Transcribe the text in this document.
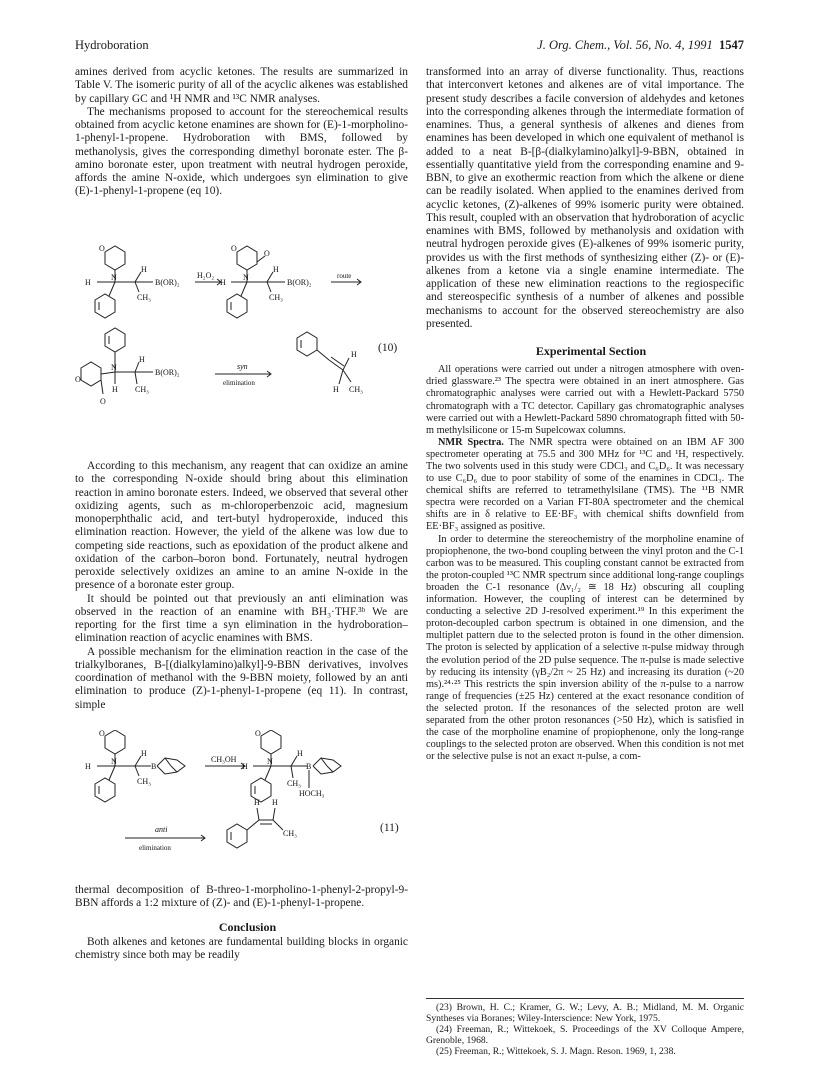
Hydroboration	J. Org. Chem., Vol. 56, No. 4, 1991 1547

amines derived from acyclic ketones. The results are summarized in Table V. The isomeric purity of all of the acyclic alkenes was established by capillary GC and ¹H NMR and ¹³C NMR analyses.

The mechanisms proposed to account for the stereochemical results obtained from acyclic ketone enamines are shown for (E)-1-morpholino-1-phenyl-1-propene. Hydroboration with BMS, followed by methanolysis, gives the corresponding dimethyl boronate ester. The β-amino boronate ester, upon treatment with neutral hydrogen peroxide, affords the amine N-oxide, which undergoes syn elimination to give (E)-1-phenyl-1-propene (eq 10).

O
N
H
H
B(OR)₂
CH₃
H₂O₂
O
O
N
H
H
B(OR)₂
CH₃
route
O
N
O
H
B(OR)₂
H CH₃
syn
elimination
H
H CH₃
(10)

According to this mechanism, any reagent that can oxidize an amine to the corresponding N-oxide should bring about this elimination reaction in amino boronate esters. Indeed, we observed that several other oxidizing agents, such as m-chloroperbenzoic acid, magnesium monoperphthalic acid, and tert-butyl hydroperoxide, induced this elimination reaction. However, the yield of the alkene was low due to competing side reactions, such as epoxidation of the product alkene and oxidation of the carbon–boron bond. Fortunately, neutral hydrogen peroxide selectively oxidizes an amine to an amine N-oxide in the presence of a boronate ester group.

It should be pointed out that previously an anti elimination was observed in the reaction of an enamine with BH₃·THF.³ᵇ We are reporting for the first time a syn elimination in the hydroboration–elimination reaction of acyclic enamines with BMS.

A possible mechanism for the elimination reaction in the case of the trialkylboranes, B-[(dialkylamino)alkyl]-9-BBN derivatives, involves coordination of methanol with the 9-BBN moiety, followed by an anti elimination to produce (Z)-1-phenyl-1-propene (eq 11). In contrast, simple

O
N
H
H
B
CH₃
CH₃OH
O
N
H
H
B
CH₃
HOCH₃
anti
elimination
H H
CH₃	(11)

thermal decomposition of B-threo-1-morpholino-1-phenyl-2-propyl-9-BBN affords a 1:2 mixture of (Z)- and (E)-1-phenyl-1-propene.

Conclusion

Both alkenes and ketones are fundamental building blocks in organic chemistry since both may be readily

transformed into an array of diverse functionality. Thus, reactions that interconvert ketones and alkenes are of vital importance. The present study describes a facile conversion of aldehydes and ketones into the corresponding alkenes through the intermediate formation of enamines. Thus, a general synthesis of alkenes and dienes from enamines has been developed in which one equivalent of methanol is added to a neat B-[β-(dialkylamino)alkyl]-9-BBN, obtained in essentially quantitative yield from the corresponding enamine and 9-BBN, to give an exothermic reaction from which the alkene or diene can be readily isolated. When applied to the enamines derived from acyclic ketones, (Z)-alkenes of 99% isomeric purity were obtained. This result, coupled with an observation that hydroboration of acyclic enamines with BMS, followed by methanolysis and oxidation with neutral hydrogen peroxide gives (E)-alkenes of 99% isomeric purity, provides us with the first methods of synthesizing either (Z)- or (E)-alkenes from a ketone via a single enamine intermediate. The application of these new elimination reactions to the regiospecific and stereospecific synthesis of a number of alkenes and possible mechanisms to account for the observed stereochemistry are also presented.

Experimental Section

All operations were carried out under a nitrogen atmosphere with oven-dried glassware.²³ The spectra were obtained in an inert atmosphere. Gas chromatographic analyses were carried out with a Hewlett-Packard 5750 chromatograph with a TC detector. Capillary gas chromatographic analyses were carried out with a Hewlett-Packard 5890 chromatograph fitted with 50-m methylsilicone or 15-m Supelcowax columns.

NMR Spectra. The NMR spectra were obtained on an IBM AF 300 spectrometer operating at 75.5 and 300 MHz for ¹³C and ¹H, respectively. The two solvents used in this study were CDCl₃ and C₆D₆. It was necessary to use C₆D₆ due to poor stability of some of the enamines in CDCl₃. The chemical shifts are referred to tetramethylsilane (TMS). The ¹¹B NMR spectra were recorded on a Varian FT-80A spectrometer and the chemical shifts are in δ relative to EE·BF₃ with chemical shifts downfield from EE·BF₃ assigned as positive.

In order to determine the stereochemistry of the morpholine enamine of propiophenone, the two-bond coupling between the vinyl proton and the C-1 carbon was to be measured. This coupling constant cannot be extracted from the proton-coupled ¹³C NMR spectrum since additional long-range couplings broaden the C-1 resonance (Δν₁/₂ ≅ 18 Hz) obscuring all coupling information. However, the coupling of interest can be determined by conducting a selective 2D J-resolved experiment.¹⁹ In this experiment the proton-decoupled carbon spectrum is obtained in one dimension, and the multiplet pattern due to the selected proton is found in the other dimension. The proton is selected by application of a selective π-pulse midway through the evolution period of the 2D pulse sequence. The π-pulse is made selective by reducing its intensity (γB₂/2π ~ 25 Hz) and increasing its duration (~20 ms).²⁴·²⁵ This restricts the spin inversion ability of the π-pulse to a narrow range of frequencies (±25 Hz) centered at the exact resonance condition of the selected proton. If the resonances of the selected proton are well separated from the other proton resonances (>50 Hz), which is satisfied in the case of the morpholine enamine of propiophenone, only the long-range couplings to the selected proton are observed. When this condition is not met or the selective pulse is not an exact π-pulse, a com-

(23) Brown, H. C.; Kramer, G. W.; Levy, A. B.; Midland, M. M. Organic Syntheses via Boranes; Wiley-Interscience: New York, 1975.

(24) Freeman, R.; Wittekoek, S. Proceedings of the XV Colloque Ampere, Grenoble, 1968.

(25) Freeman, R.; Wittekoek, S. J. Magn. Reson. 1969, 1, 238.
